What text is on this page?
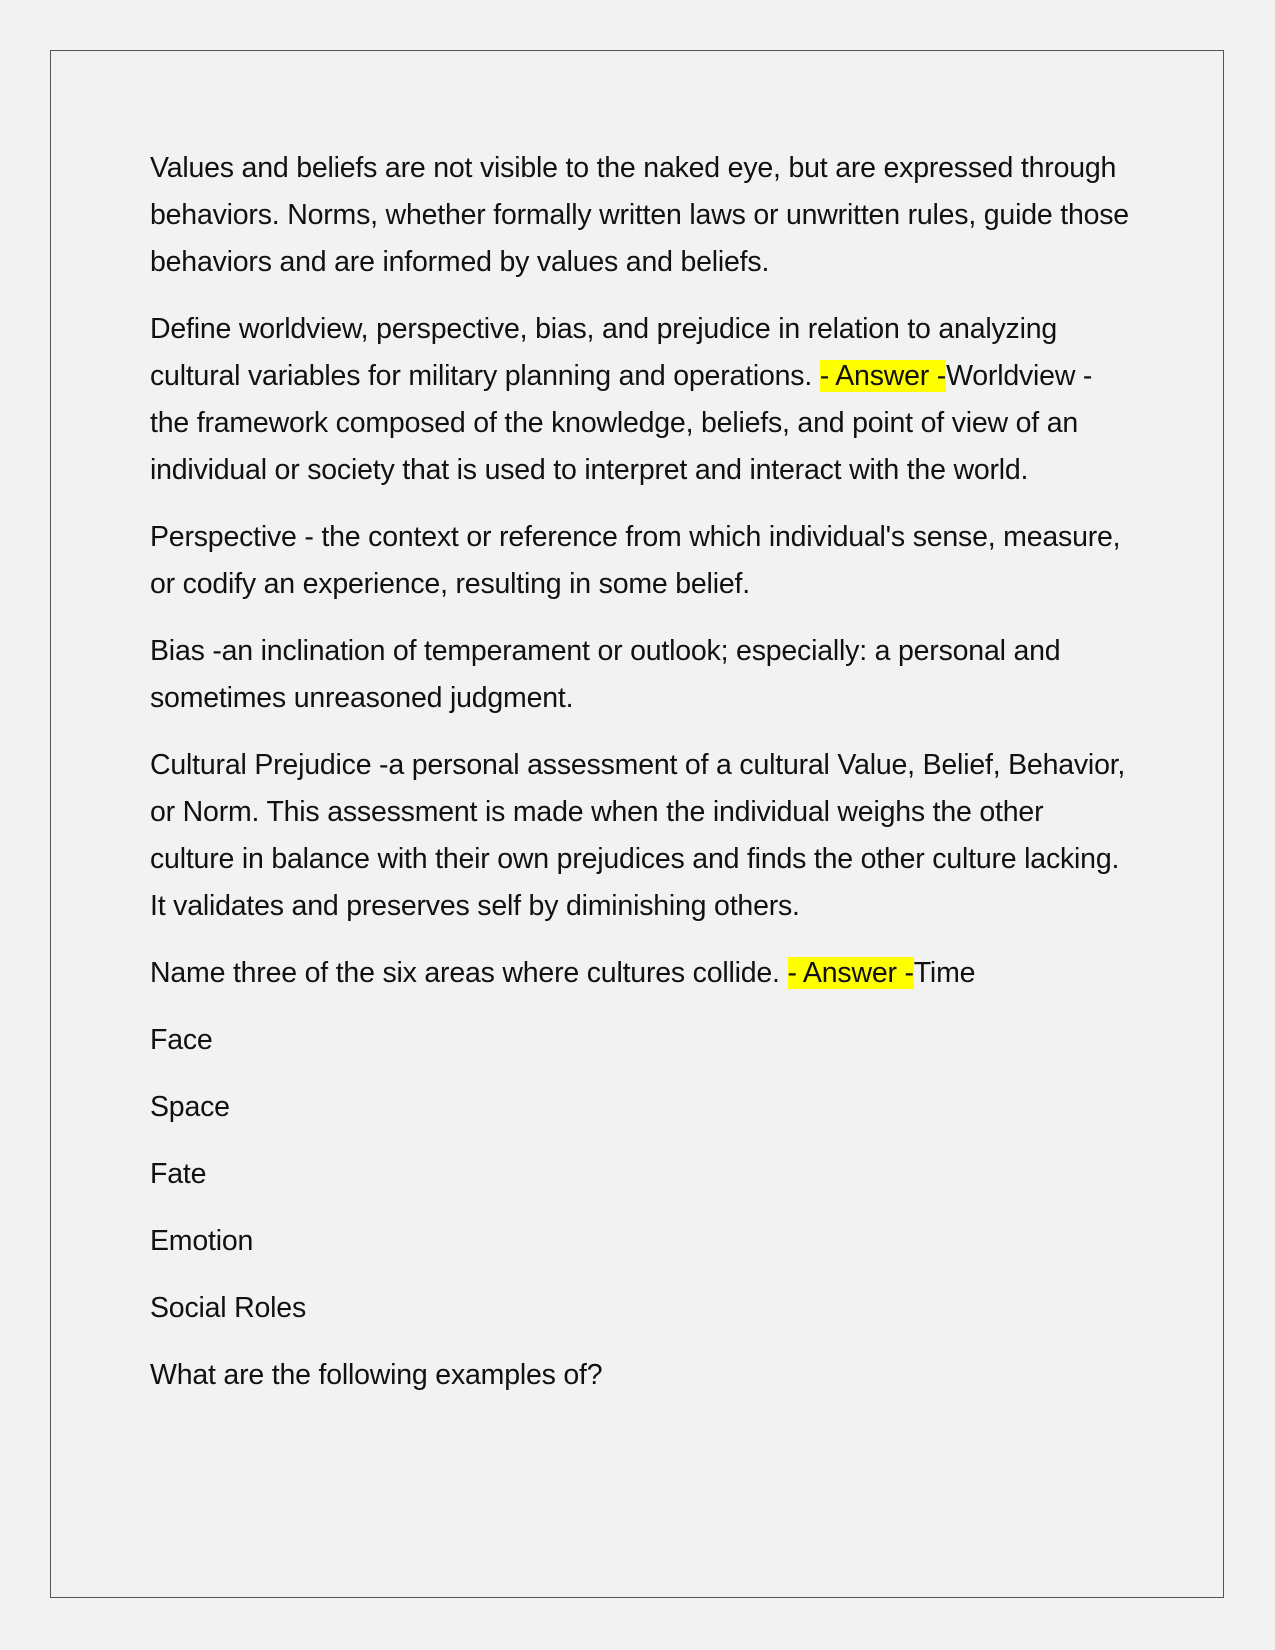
Values and beliefs are not visible to the naked eye, but are expressed through behaviors. Norms, whether formally written laws or unwritten rules, guide those behaviors and are informed by values and beliefs.

Define worldview, perspective, bias, and prejudice in relation to analyzing cultural variables for military planning and operations. - Answer -Worldview - the framework composed of the knowledge, beliefs, and point of view of an individual or society that is used to interpret and interact with the world.

Perspective - the context or reference from which individual's sense, measure, or codify an experience, resulting in some belief.

Bias -an inclination of temperament or outlook; especially: a personal and sometimes unreasoned judgment.

Cultural Prejudice -a personal assessment of a cultural Value, Belief, Behavior, or Norm. This assessment is made when the individual weighs the other culture in balance with their own prejudices and finds the other culture lacking. It validates and preserves self by diminishing others.

Name three of the six areas where cultures collide. - Answer -Time

Face

Space

Fate

Emotion

Social Roles

What are the following examples of?
